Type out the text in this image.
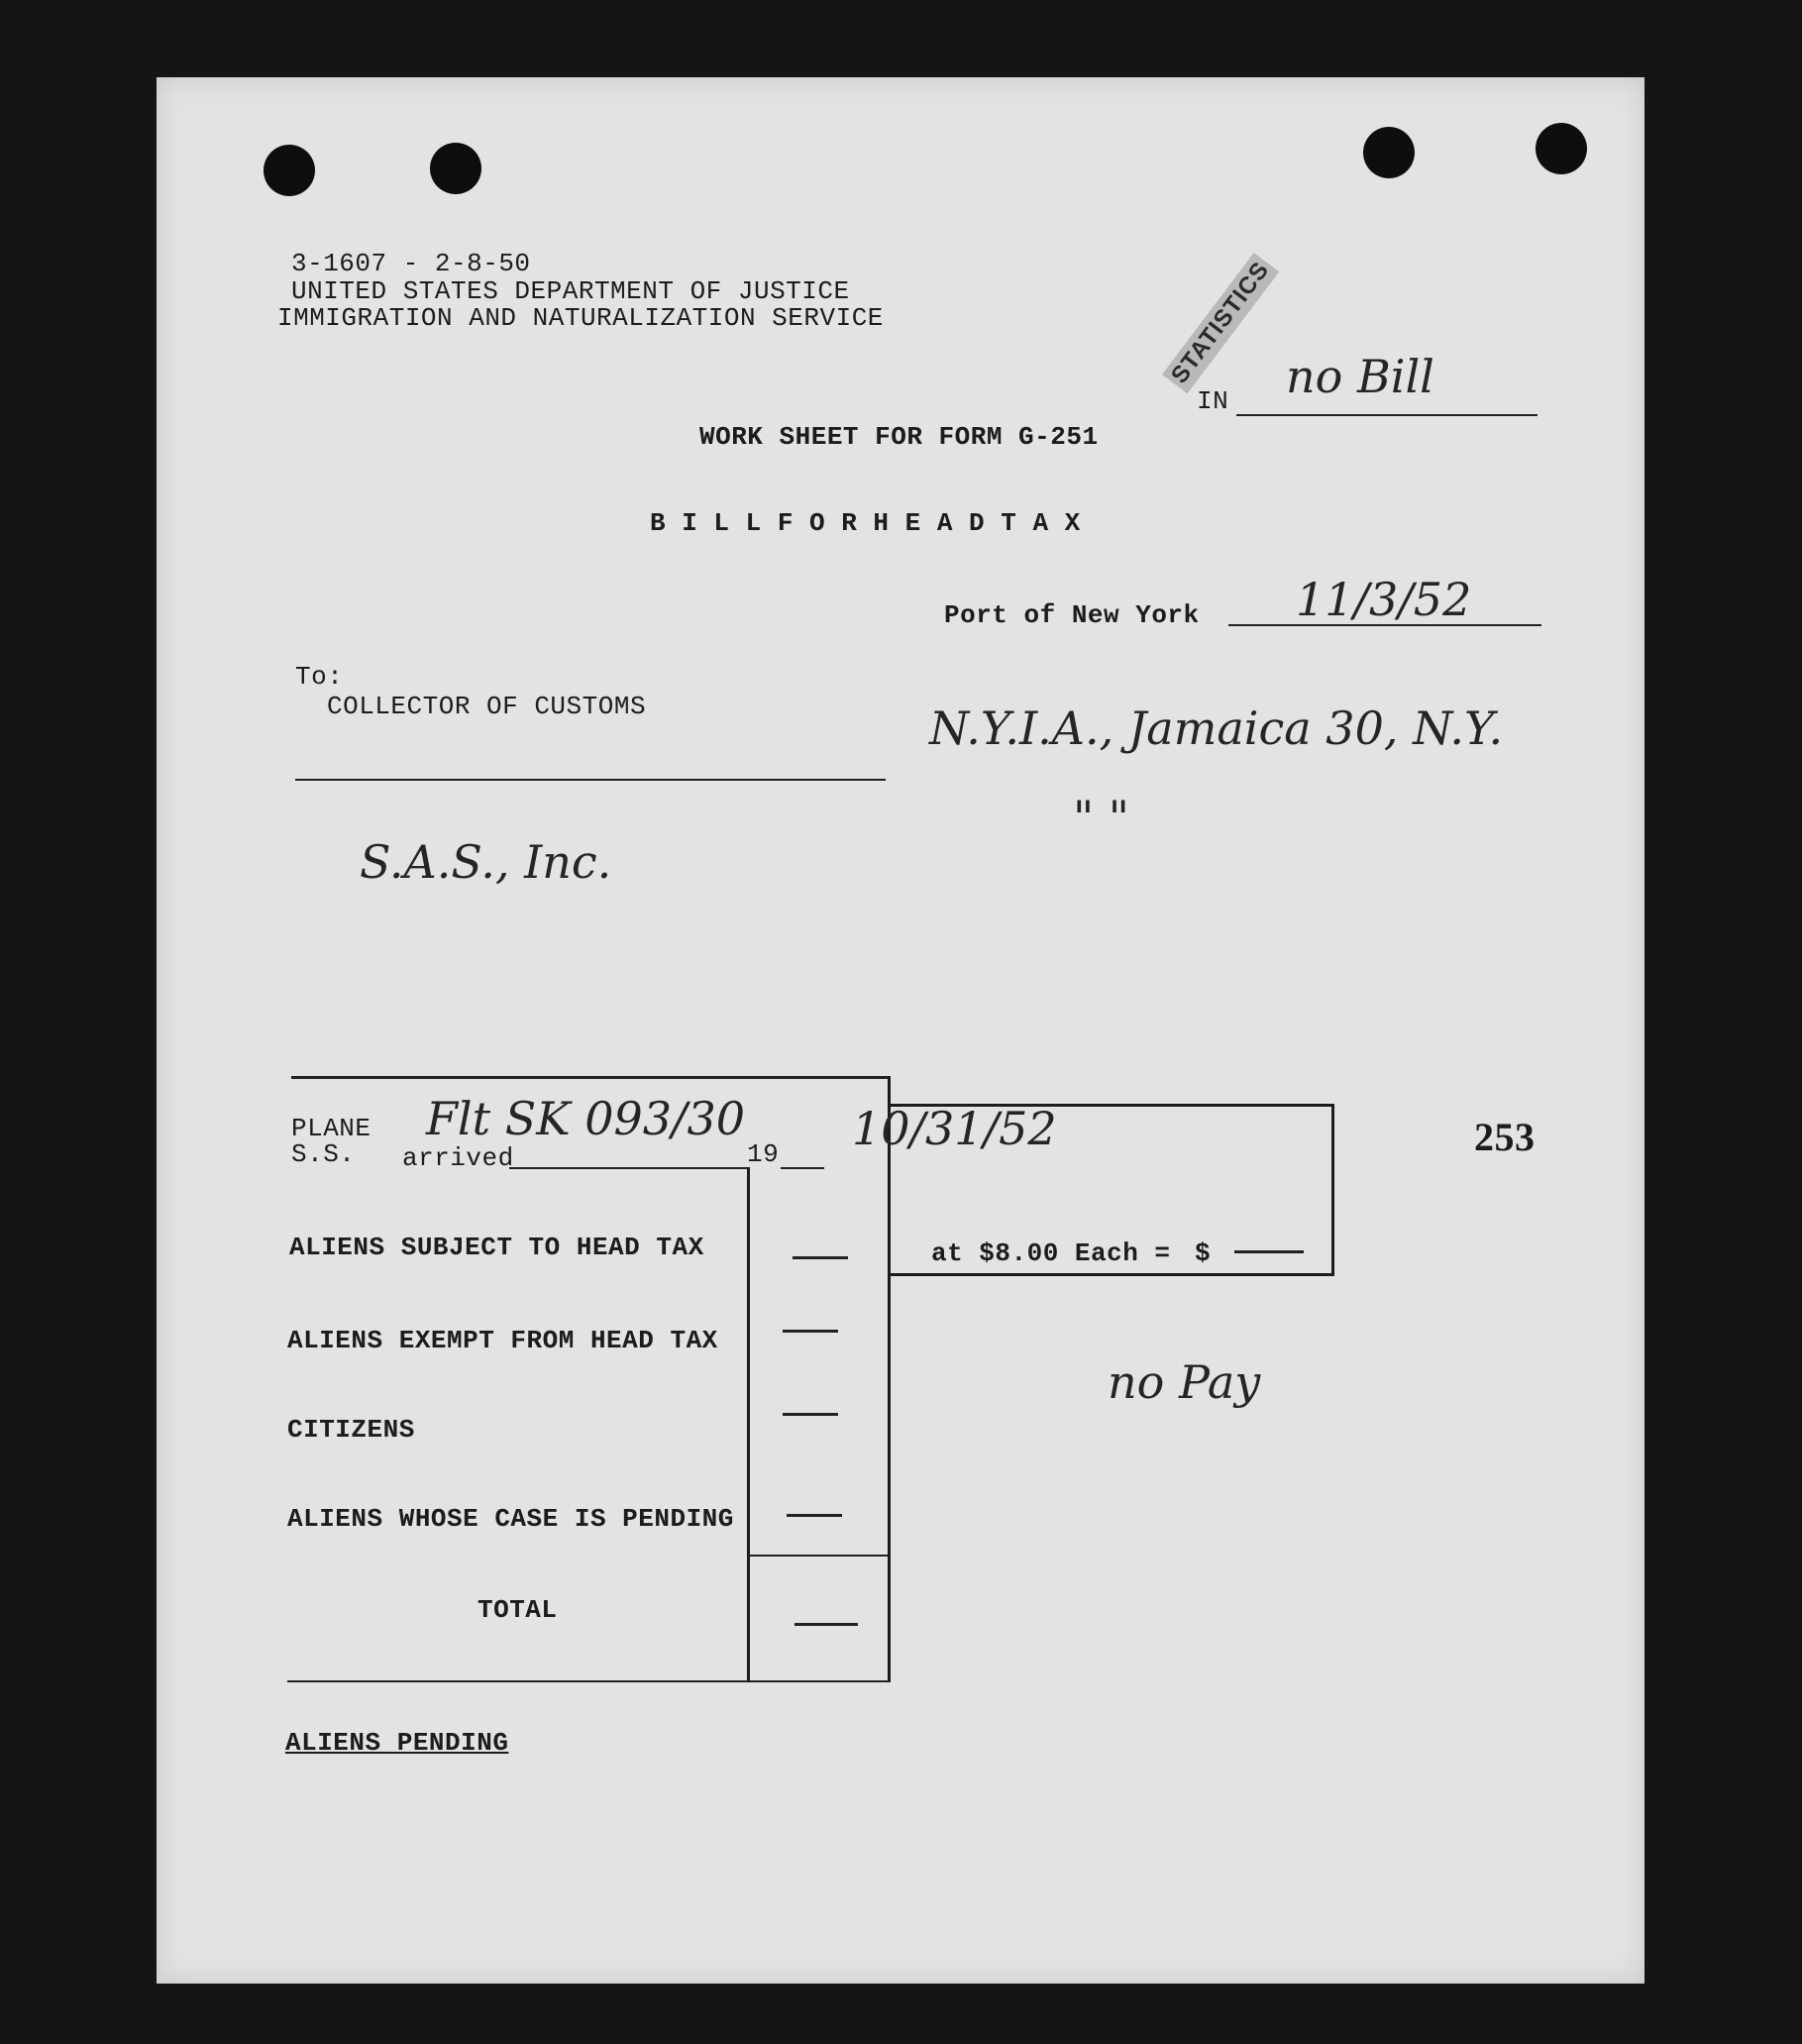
3-1607 - 2-8-50
UNITED STATES DEPARTMENT OF JUSTICE
IMMIGRATION AND NATURALIZATION SERVICE	STATISTICS
IN no Bill
WORK SHEET FOR FORM G-251
B I L L F O R H E A D T A X
Port of New York 11/3/52
To:
COLLECTOR OF CUSTOMS	N.Y.I.A., Jamaica 30, N.Y.
" "
S.A.S., Inc.
PLANE
S.S. arrived	19
Flt SK 093/30 10/31/52	253
at $8.00 Each = $
ALIENS SUBJECT TO HEAD TAX
ALIENS EXEMPT FROM HEAD TAX
CITIZENS
ALIENS WHOSE CASE IS PENDING
TOTAL
no Pay
ALIENS PENDING
